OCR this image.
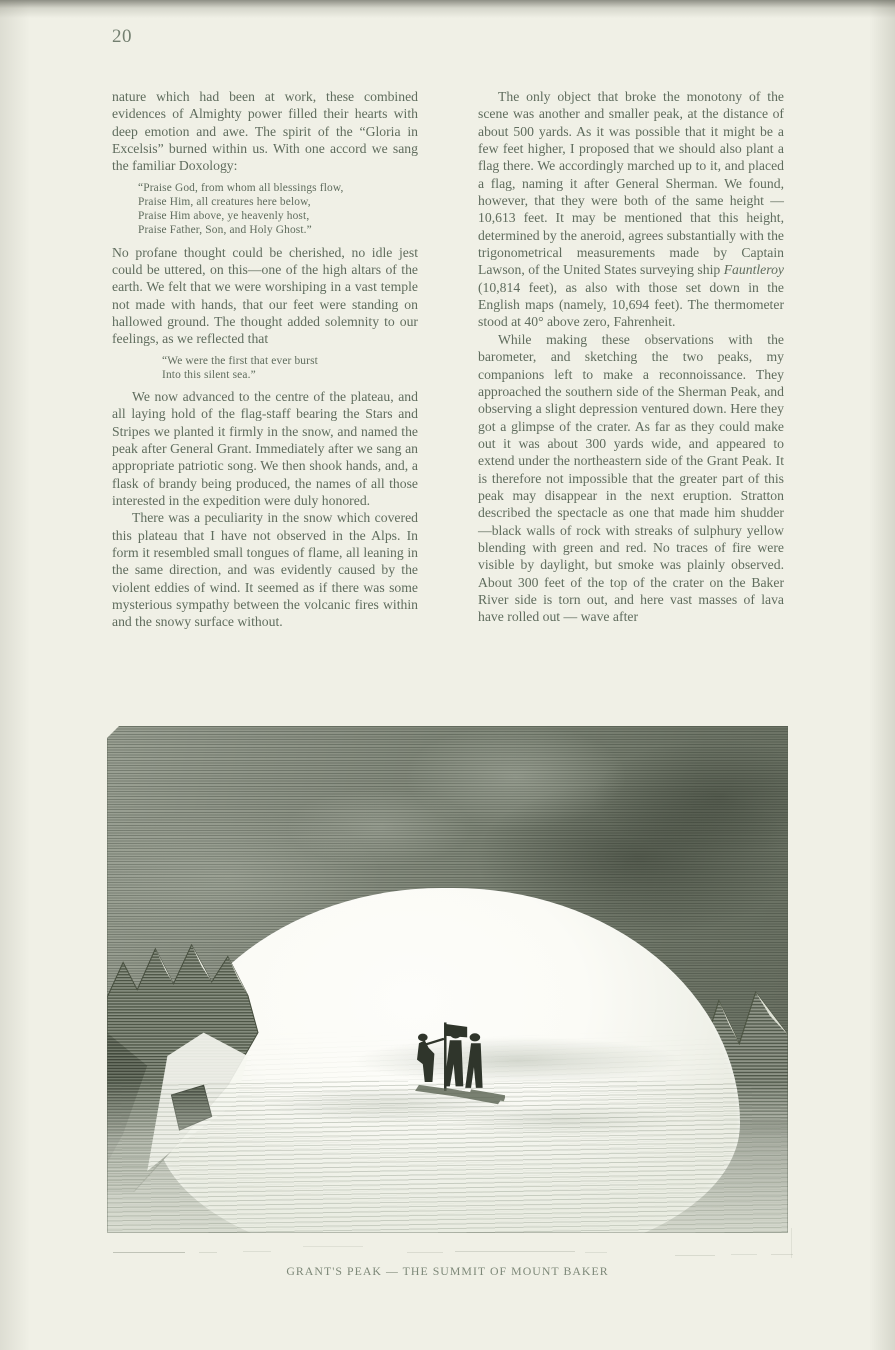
20

nature which had been at work, these combined evidences of Almighty power filled their hearts with deep emotion and awe. The spirit of the “Gloria in Excelsis” burned within us. With one accord we sang the familiar Doxology:

“Praise God, from whom all blessings flow,
Praise Him, all creatures here below,
Praise Him above, ye heavenly host,
Praise Father, Son, and Holy Ghost.”

No profane thought could be cherished, no idle jest could be uttered, on this—one of the high altars of the earth. We felt that we were worshiping in a vast temple not made with hands, that our feet were standing on hallowed ground. The thought added solemnity to our feelings, as we reflected that

“We were the first that ever burst
Into this silent sea.”

We now advanced to the centre of the plateau, and all laying hold of the flag-staff bearing the Stars and Stripes we planted it firmly in the snow, and named the peak after General Grant. Immediately after we sang an appropriate patriotic song. We then shook hands, and, a flask of brandy being produced, the names of all those interested in the expedition were duly honored.

There was a peculiarity in the snow which covered this plateau that I have not observed in the Alps. In form it resembled small tongues of flame, all leaning in the same direction, and was evidently caused by the violent eddies of wind. It seemed as if there was some mysterious sympathy between the volcanic fires within and the snowy surface without.

The only object that broke the monotony of the scene was another and smaller peak, at the distance of about 500 yards. As it was possible that it might be a few feet higher, I proposed that we should also plant a flag there. We accordingly marched up to it, and placed a flag, naming it after General Sherman. We found, however, that they were both of the same height —10,613 feet. It may be mentioned that this height, determined by the aneroid, agrees substantially with the trigonometrical measurements made by Captain Lawson, of the United States surveying ship Fauntleroy (10,814 feet), as also with those set down in the English maps (namely, 10,694 feet). The thermometer stood at 40° above zero, Fahrenheit.

While making these observations with the barometer, and sketching the two peaks, my companions left to make a reconnoissance. They approached the southern side of the Sherman Peak, and observing a slight depression ventured down. Here they got a glimpse of the crater. As far as they could make out it was about 300 yards wide, and appeared to extend under the northeastern side of the Grant Peak. It is therefore not impossible that the greater part of this peak may disappear in the next eruption. Stratton described the spectacle as one that made him shudder—black walls of rock with streaks of sulphury yellow blending with green and red. No traces of fire were visible by daylight, but smoke was plainly observed. About 300 feet of the top of the crater on the Baker River side is torn out, and here vast masses of lava have rolled out — wave after

GRANT'S PEAK — THE SUMMIT OF MOUNT BAKER
